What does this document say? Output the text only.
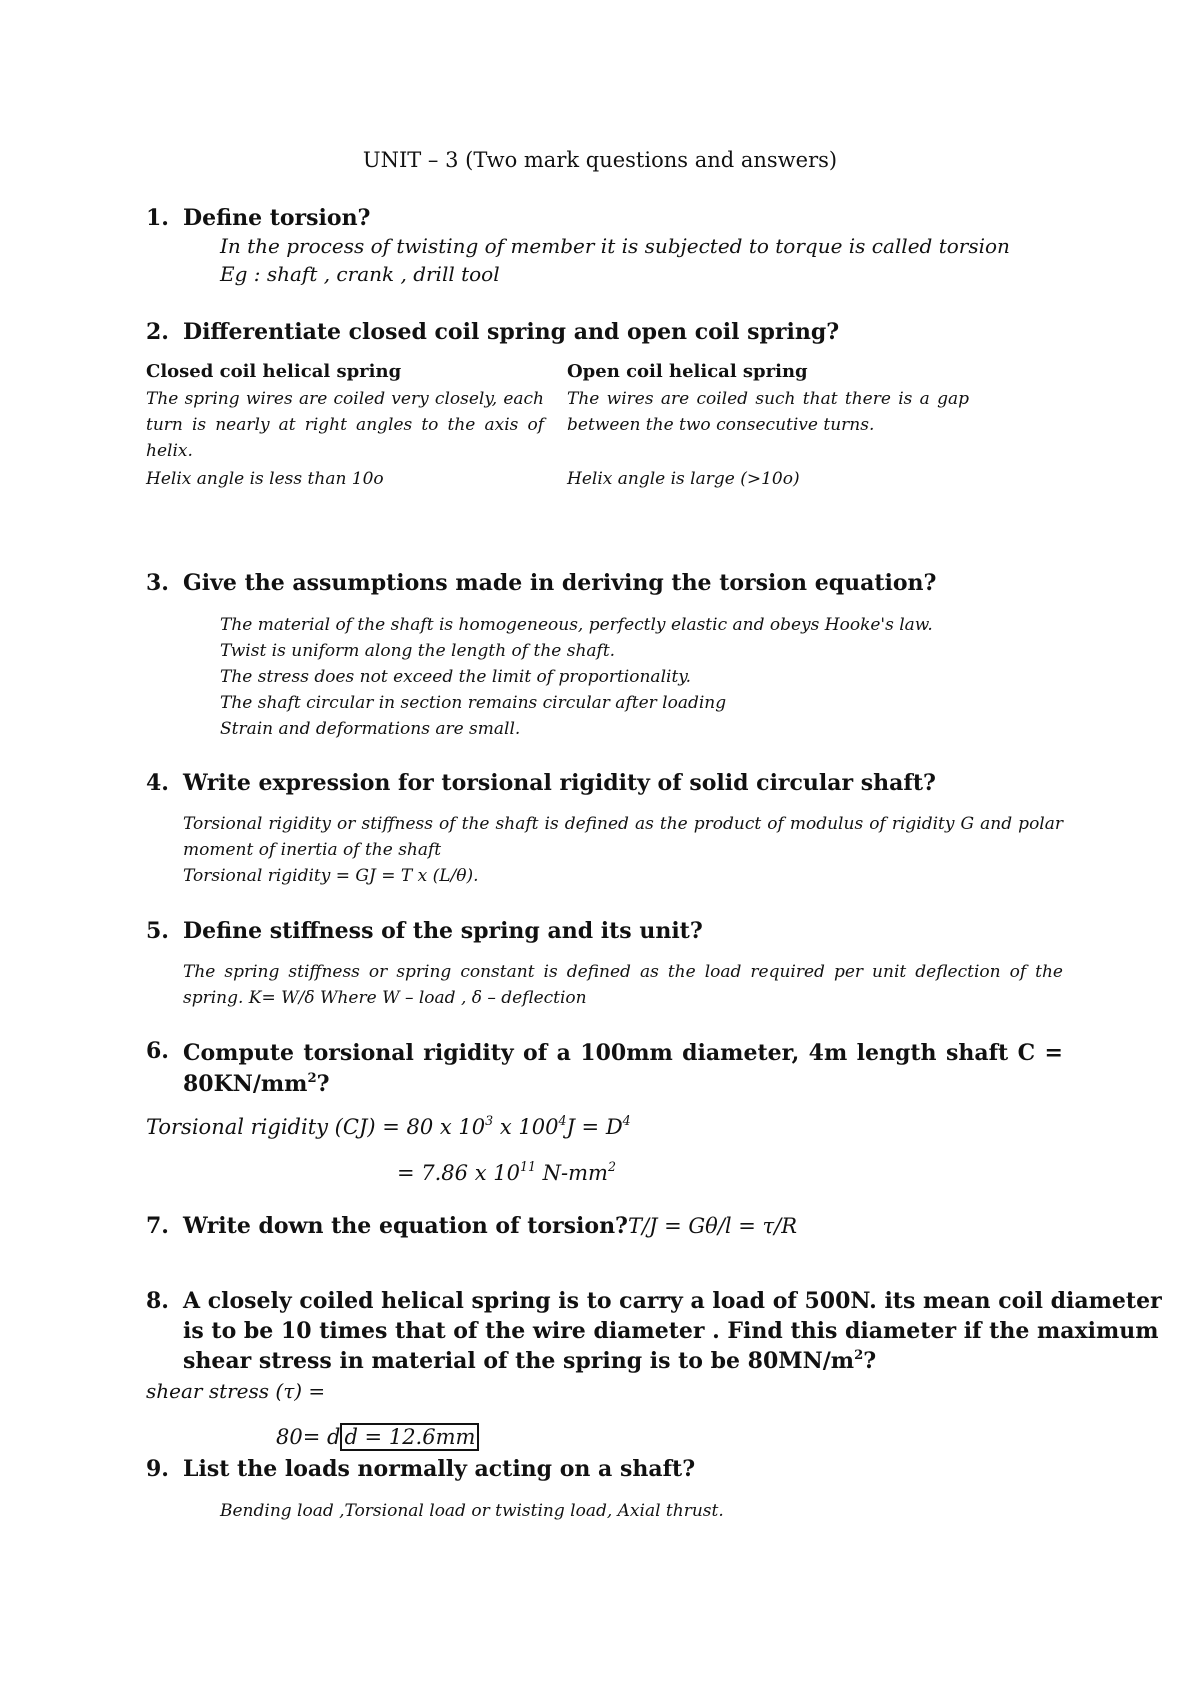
UNIT – 3 (Two mark questions and answers)
1. Define torsion?
In the process of twisting of member it is subjected to torque is called torsion
Eg : shaft , crank , drill tool
2. Differentiate closed coil spring and open coil spring?
Closed coil helical spring	Open coil helical spring
The spring wires are coiled very closely, each turn is nearly at right angles to the axis of helix.
The wires are coiled such that there is a gap between the two consecutive turns.
Helix angle is less than 10o	Helix angle is large (>10o)
3. Give the assumptions made in deriving the torsion equation?
The material of the shaft is homogeneous, perfectly elastic and obeys Hooke's law.
Twist is uniform along the length of the shaft.
The stress does not exceed the limit of proportionality.
The shaft circular in section remains circular after loading
Strain and deformations are small.
4. Write expression for torsional rigidity of solid circular shaft?
Torsional rigidity or stiffness of the shaft is defined as the product of modulus of rigidity G and polar moment of inertia of the shaft
Torsional rigidity = GJ = T x (L/θ).
5. Define stiffness of the spring and its unit?
The spring stiffness or spring constant is defined as the load required per unit deflection of the spring. K= W/δ Where W – load , δ – deflection
6. Compute torsional rigidity of a 100mm diameter, 4m length shaft $C = 80KN/mm^2$?
Torsional rigidity (CJ) = 80 x $10^3$ x $100^4J = D^4$
= 7.86 x $10^{11}$ $N-mm^2$
7. Write down the equation of torsion?T/J = Gθ/l = τ/R
8. A closely coiled helical spring is to carry a load of 500N. its mean coil diameter
is to be 10 times that of the wire diameter . Find this diameter if the maximum
shear stress in material of the spring is to be $80MN/m^2$?
shear stress (τ) =
80= d d = 12.6mm
9. List the loads normally acting on a shaft?
Bending load ,Torsional load or twisting load, Axial thrust.
